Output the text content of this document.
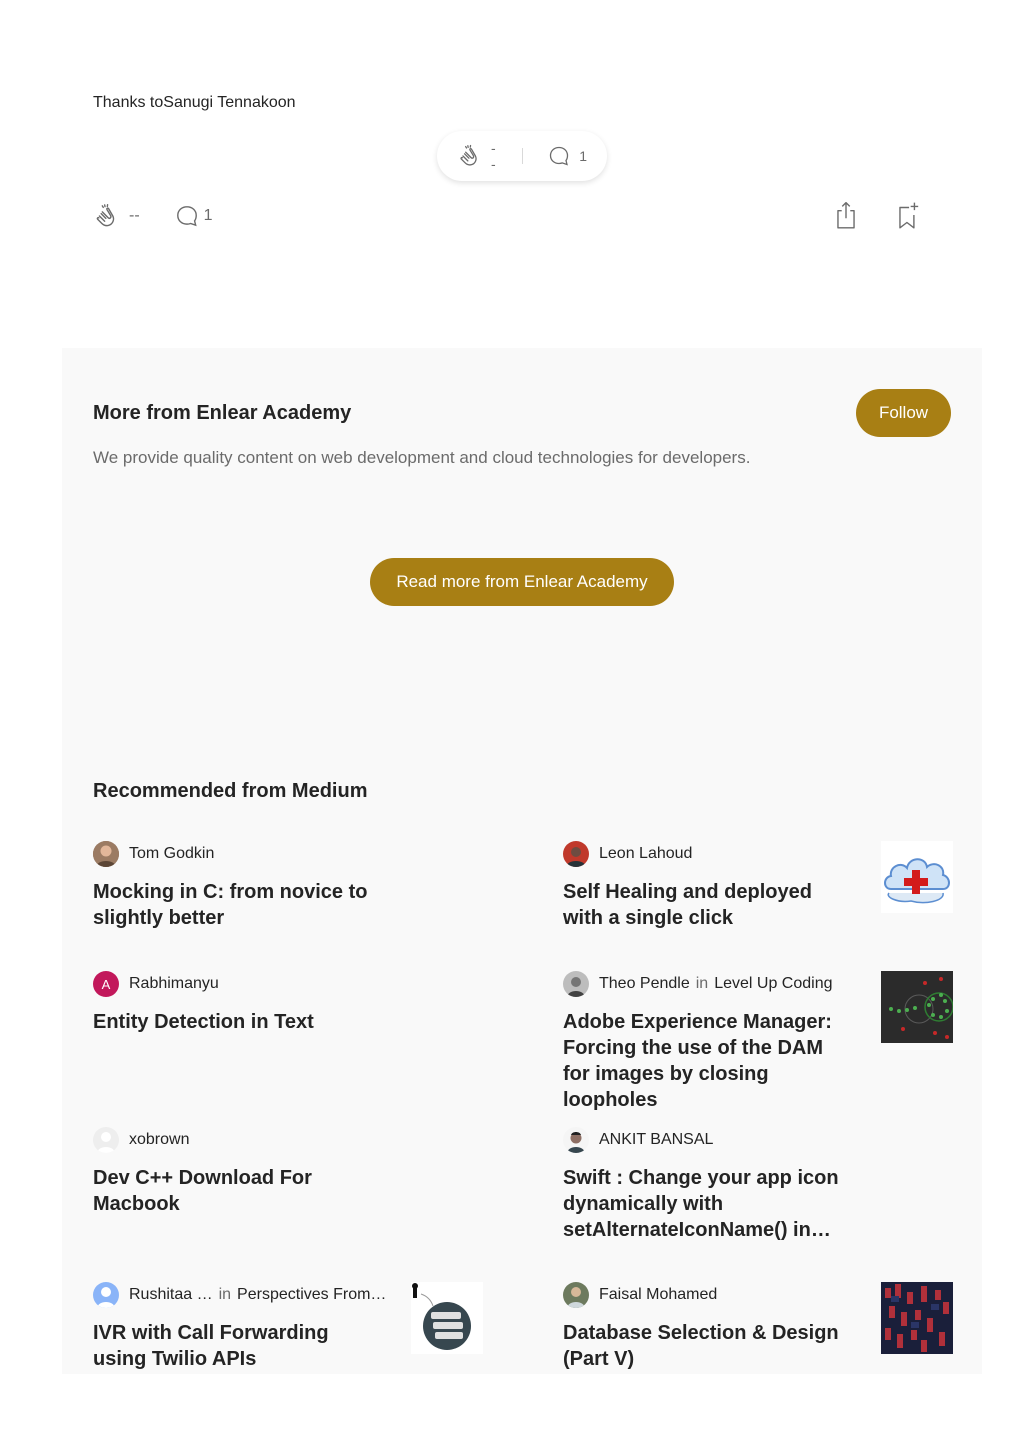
Thanks toSanugi Tennakoon
--	1
--	1
More from Enlear Academy	Follow
We provide quality content on web development and cloud technologies for developers.
Read more from Enlear Academy
Recommended from Medium
Tom Godkin
Mocking in C: from novice to slightly better
Leon Lahoud
Self Healing and deployed with a single click
A	Rabhimanyu
Entity Detection in Text
Theo Pendle in Level Up Coding
Adobe Experience Manager: Forcing the use of the DAM for images by closing loopholes
xobrown
Dev C++ Download For Macbook
ANKIT BANSAL
Swift : Change your app icon dynamically with setAlternateIconName() in…
Rushitaa … in Perspectives From…
IVR with Call Forwarding using Twilio APIs
Faisal Mohamed
Database Selection & Design (Part V)
